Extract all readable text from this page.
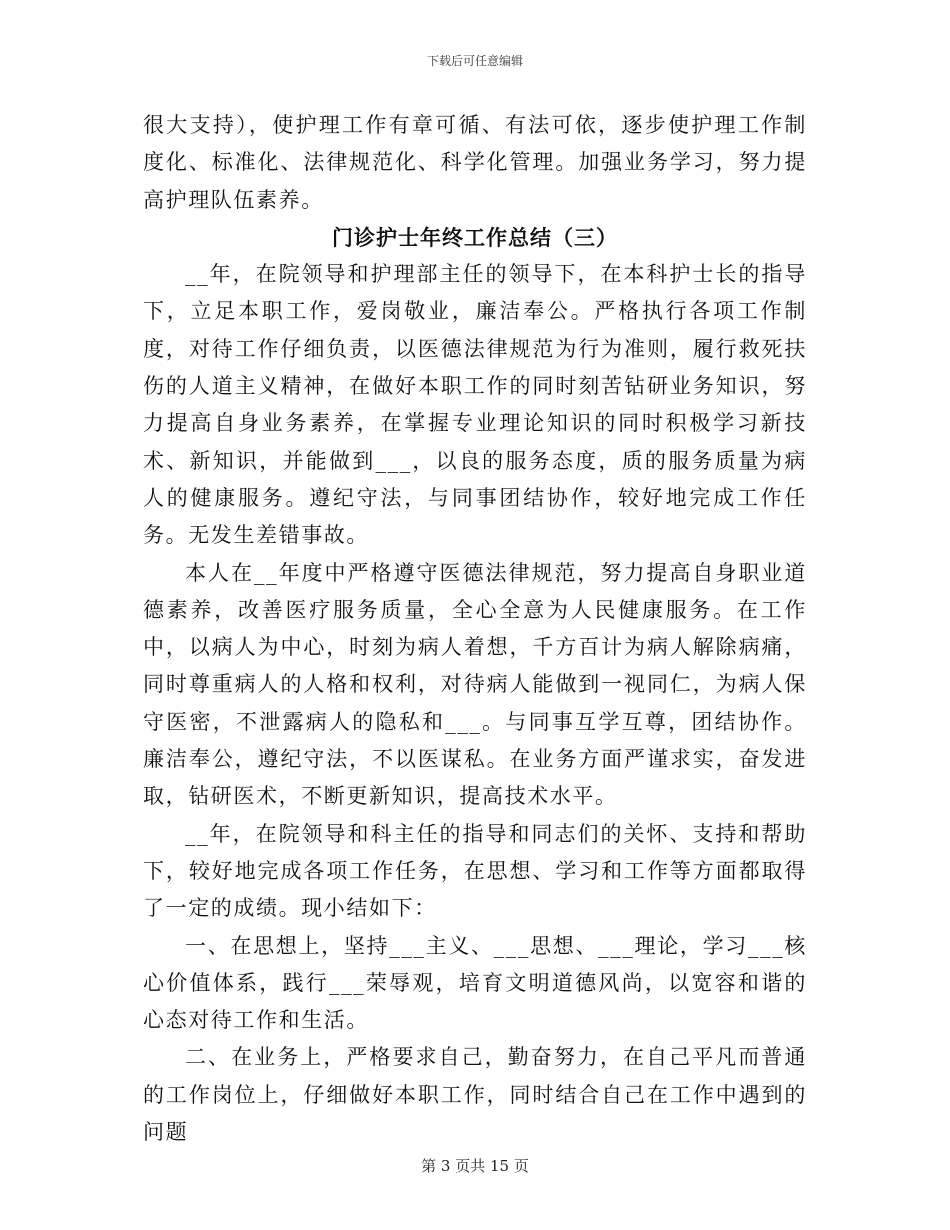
下载后可任意编辑

很大支持），使护理工作有章可循、有法可依，逐步使护理工作制度化、标准化、法律规范化、科学化管理。加强业务学习，努力提高护理队伍素养。

门诊护士年终工作总结（三）

__年，在院领导和护理部主任的领导下，在本科护士长的指导下，立足本职工作，爱岗敬业，廉洁奉公。严格执行各项工作制度，对待工作仔细负责，以医德法律规范为行为准则，履行救死扶伤的人道主义精神，在做好本职工作的同时刻苦钻研业务知识，努力提高自身业务素养，在掌握专业理论知识的同时积极学习新技术、新知识，并能做到___，以良的服务态度，质的服务质量为病人的健康服务。遵纪守法，与同事团结协作，较好地完成工作任务。无发生差错事故。

本人在__年度中严格遵守医德法律规范，努力提高自身职业道德素养，改善医疗服务质量，全心全意为人民健康服务。在工作中，以病人为中心，时刻为病人着想，千方百计为病人解除病痛，同时尊重病人的人格和权利，对待病人能做到一视同仁，为病人保守医密，不泄露病人的隐私和___。与同事互学互尊，团结协作。廉洁奉公，遵纪守法，不以医谋私。在业务方面严谨求实，奋发进取，钻研医术，不断更新知识，提高技术水平。

__年，在院领导和科主任的指导和同志们的关怀、支持和帮助下，较好地完成各项工作任务，在思想、学习和工作等方面都取得了一定的成绩。现小结如下：

一、在思想上，坚持___主义、___思想、___理论，学习___核心价值体系，践行___荣辱观，培育文明道德风尚，以宽容和谐的心态对待工作和生活。

二、在业务上，严格要求自己，勤奋努力，在自己平凡而普通的工作岗位上，仔细做好本职工作，同时结合自己在工作中遇到的问题

第 3 页共 15 页
